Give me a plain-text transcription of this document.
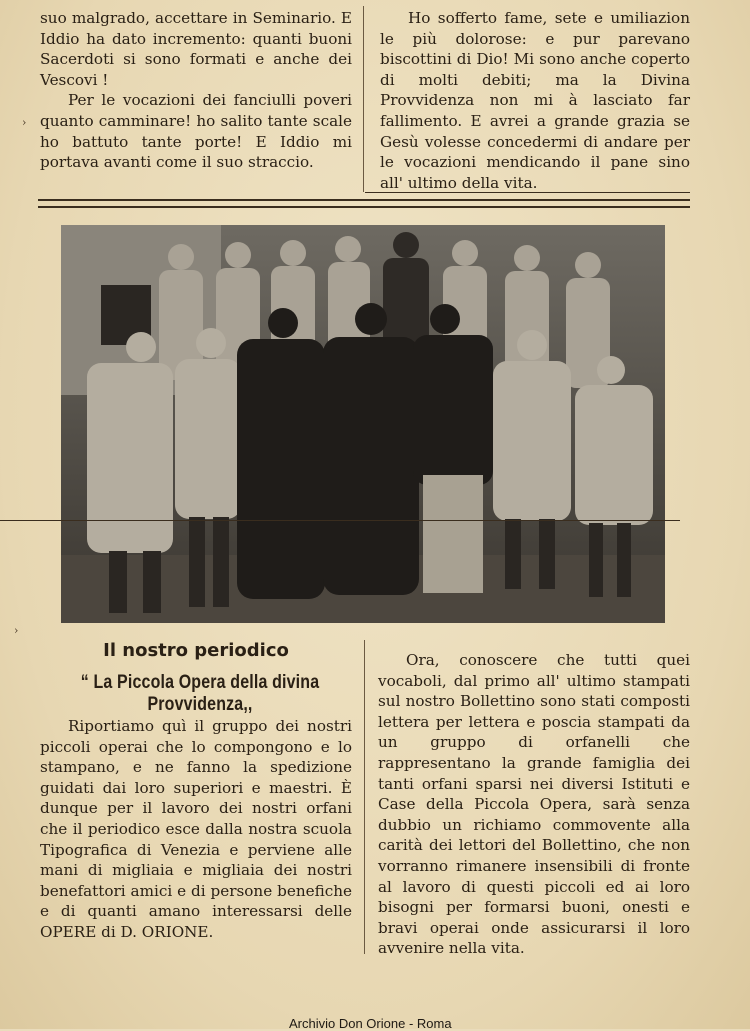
suo malgrado, accettare in Seminario. E Iddio ha dato incremento: quanti buoni Sacerdoti si sono formati e anche dei Vescovi !

Per le vocazioni dei fanciulli poveri quanto camminare! ho salito tante scale ho battuto tante porte! E Iddio mi portava avanti come il suo straccio.

Ho sofferto fame, sete e umiliazion le più dolorose: e pur parevano biscottini di Dio! Mi sono anche coperto di molti debiti; ma la Divina Provvidenza non mi à lasciato far fallimento. E avrei a grande grazia se Gesù volesse concedermi di andare per le vocazioni mendicando il pane sino all' ultimo della vita.

Il nostro periodico
“ La Piccola Opera della divina Provvidenza,,

Riportiamo quì il gruppo dei nostri piccoli operai che lo compongono e lo stampano, e ne fanno la spedizione guidati dai loro superiori e maestri. È dunque per il lavoro dei nostri orfani che il periodico esce dalla nostra scuola Tipografica di Venezia e perviene alle mani di migliaia e migliaia dei nostri benefattori amici e di persone benefiche e di quanti amano interessarsi delle OPERE di D. ORIONE.

Ora, conoscere che tutti quei vocaboli, dal primo all' ultimo stampati sul nostro Bollettino sono stati composti lettera per lettera e poscia stampati da un gruppo di orfanelli che rappresentano la grande famiglia dei tanti orfani sparsi nei diversi Istituti e Case della Piccola Opera, sarà senza dubbio un richiamo commovente alla carità dei lettori del Bollettino, che non vorranno rimanere insensibili di fronte al lavoro di questi piccoli ed ai loro bisogni per formarsi buoni, onesti e bravi operai onde assicurarsi il loro avvenire nella vita.

›
›
Archivio Don Orione - Roma
